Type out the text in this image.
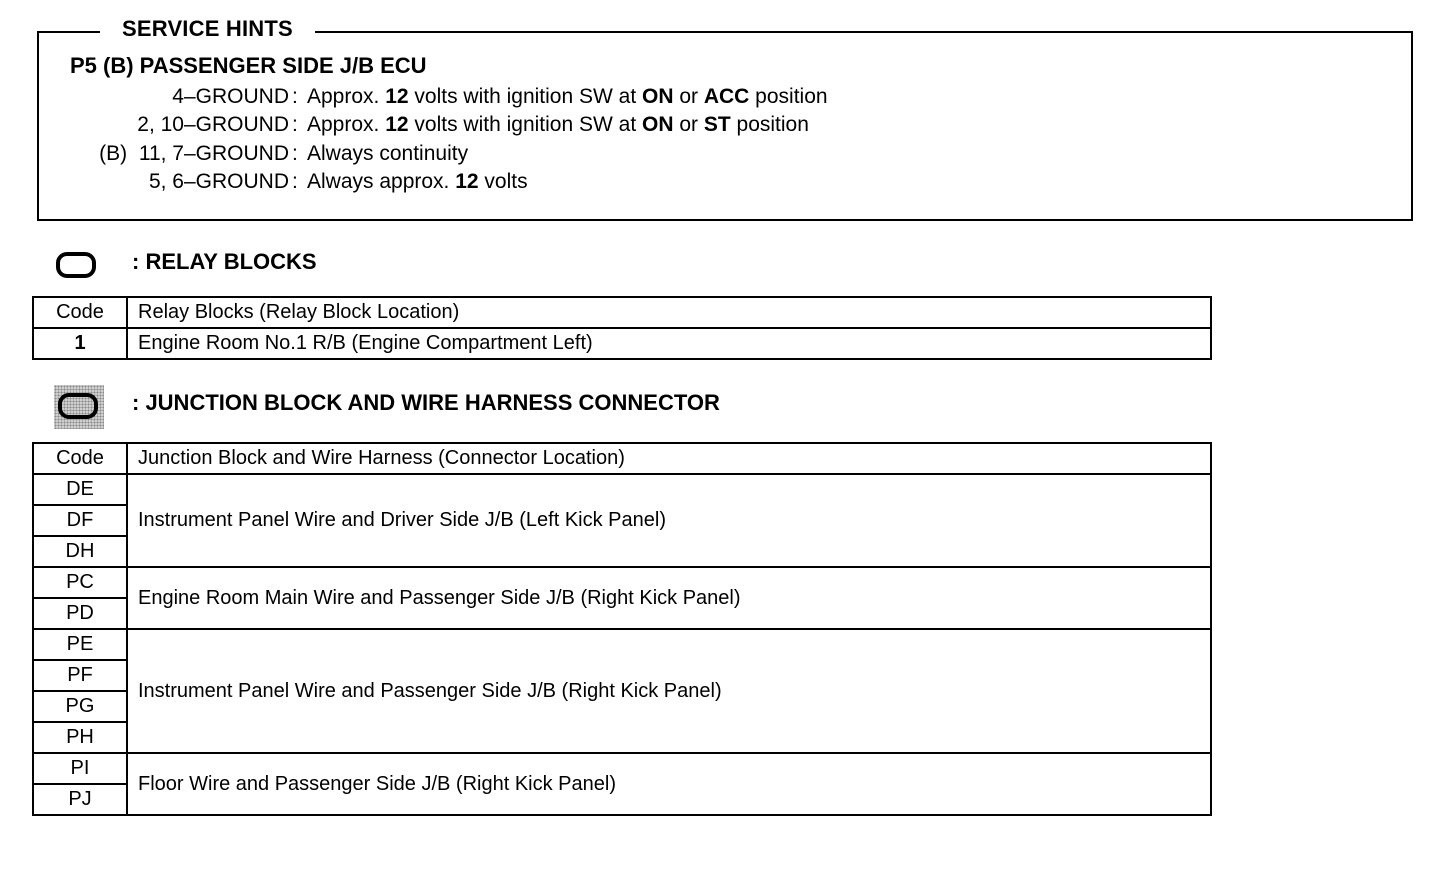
SERVICE HINTS
P5 (B) PASSENGER SIDE J/B ECU
4–GROUND : Approx. 12 volts with ignition SW at ON or ACC position
2, 10–GROUND : Approx. 12 volts with ignition SW at ON or ST position
(B)  11, 7–GROUND : Always continuity
5, 6–GROUND : Always approx. 12 volts
: RELAY BLOCKS
Code	Relay Blocks (Relay Block Location)
1	Engine Room No.1 R/B (Engine Compartment Left)
: JUNCTION BLOCK AND WIRE HARNESS CONNECTOR
Code	Junction Block and Wire Harness (Connector Location)
DE	Instrument Panel Wire and Driver Side J/B (Left Kick Panel)
DF	
DH	
PC	Engine Room Main Wire and Passenger Side J/B (Right Kick Panel)
PD	
PE	Instrument Panel Wire and Passenger Side J/B (Right Kick Panel)
PF	
PG	
PH	
PI	Floor Wire and Passenger Side J/B (Right Kick Panel)
PJ	
